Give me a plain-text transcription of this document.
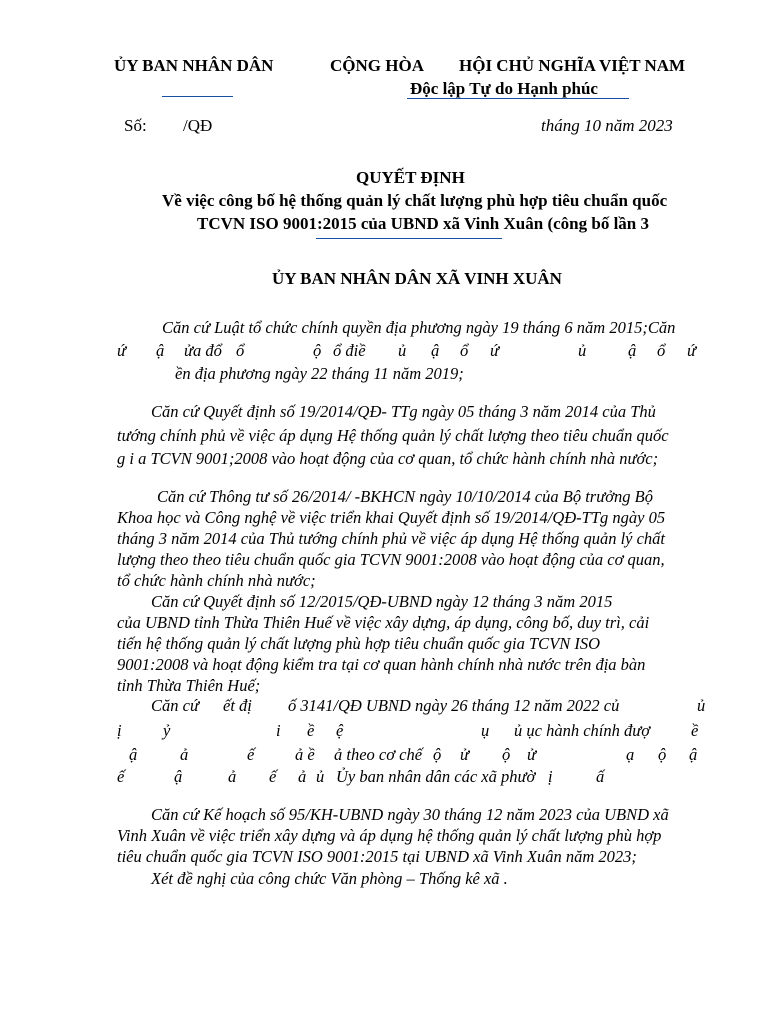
ỦY BAN NHÂN DÂN	CỘNG HÒA HỘI CHỦ NGHĨA VIỆT NAM
Độc lập Tự do Hạnh phúc
Số: /QĐ	tháng 10 năm 2023
QUYẾT ĐỊNH
Về việc công bố hệ thống quản lý chất lượng phù hợp tiêu chuẩn quốc
TCVN ISO 9001:2015 của UBND xã Vinh Xuân (công bố lần 3
ỦY BAN NHÂN DÂN XÃ VINH XUÂN
Căn cứ Luật tổ chức chính quyền địa phương ngày 19 tháng 6 năm 2015;Căn
ứ ậ ửa đổ ổ	ộ ổ điề ủ ậ ổ ứ	ủ	ậ ổ ứ
ền địa phương ngày 22 tháng 11 năm 2019;
Căn cứ Quyết định số 19/2014/QĐ- TTg ngày 05 tháng 3 năm 2014 của Thủ
tướng chính phủ về việc áp dụng Hệ thống quản lý chất lượng theo tiêu chuẩn quốc
g i a TCVN 9001;2008 vào hoạt động của cơ quan, tổ chức hành chính nhà nước;
Căn cứ Thông tư số 26/2014/ -BKHCN ngày 10/10/2014 của Bộ trưởng Bộ
Khoa học và Công nghệ về việc triển khai Quyết định số 19/2014/QĐ-TTg ngày 05
tháng 3 năm 2014 của Thủ tướng chính phủ về việc áp dụng Hệ thống quản lý chất
lượng theo theo tiêu chuẩn quốc gia TCVN 9001:2008 vào hoạt động của cơ quan,
tổ chức hành chính nhà nước;
Căn cứ Quyết định số 12/2015/QĐ-UBND ngày 12 tháng 3 năm 2015
của UBND tỉnh Thừa Thiên Huế về việc xây dựng, áp dụng, công bố, duy trì, cải
tiến hệ thống quản lý chất lượng phù hợp tiêu chuẩn quốc gia TCVN ISO
9001:2008 và hoạt động kiểm tra tại cơ quan hành chính nhà nước trên địa bàn
tỉnh Thừa Thiên Huế;
Căn cứ ết đị ố 3141/QĐ UBND ngày 26 tháng 12 năm 2022 củ	ủ
ị	ỷ	i ề ệ	ụ ủ ục hành chính đượ ề
ậ	ả	ế ả ề ả theo cơ chế ộ ử ộ ử	ạ ộ ậ
ế	ậ	ả ế ả ủ Ủy ban nhân dân các xã phườ ị	ấ
Căn cứ Kế hoạch số 95/KH-UBND ngày 30 tháng 12 năm 2023 của UBND xã
Vinh Xuân về việc triển xây dựng và áp dụng hệ thống quản lý chất lượng phù hợp
tiêu chuẩn quốc gia TCVN ISO 9001:2015 tại UBND xã Vinh Xuân năm 2023;
Xét đề nghị của công chức Văn phòng – Thống kê xã .
